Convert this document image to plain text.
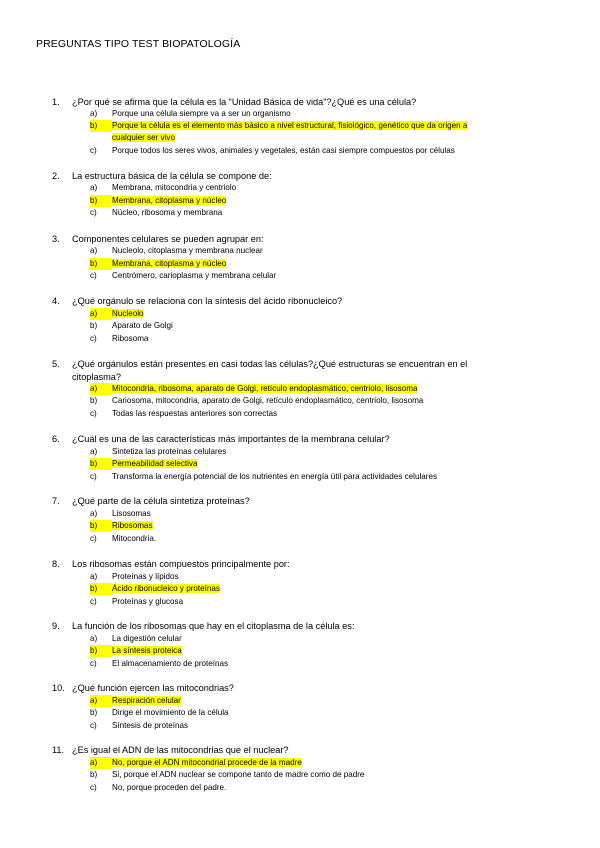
PREGUNTAS TIPO TEST BIOPATOLOGÍA
1.	¿Por qué se afirma que la célula es la “Unidad Básica de vida”?¿Qué es una célula?
a)	Porque una célula siempre va a ser un organismo
b)	Porque la célula es el elemento más básico a nivel estructural, fisiológico, genético que da origen a
cualquier ser vivo
c)	Porque todos los seres vivos, animales y vegetales, están casi siempre compuestos por células
2.	La estructura básica de la célula se compone de:
a)	Membrana, mitocondria y centriolo
b)	Membrana, citoplasma y núcleo
c)	Núcleo, ribosoma y membrana
3.	Componentes celulares se pueden agrupar en:
a)	Nucleolo, citoplasma y membrana nuclear
b)	Membrana, citoplasma y núcleo
c)	Centrómero, carioplasma y membrana celular
4.	¿Qué orgánulo se relaciona con la síntesis del ácido ribonucleico?
a)	Nucleolo
b)	Aparato de Golgi
c)	Ribosoma
5.	¿Qué orgánulos están presentes en casi todas las células?¿Qué estructuras se encuentran en el
citoplasma?
a)	Mitocondria, ribosoma, aparato de Golgi, retículo endoplasmático, centriolo, lisosoma
b)	Cariosoma, mitocondria, aparato de Golgi, retículo endoplasmático, centriolo, lisosoma
c)	Todas las respuestas anteriores son correctas
6.	¿Cuál es una de las características más importantes de la membrana celular?
a)	Sintetiza las proteínas celulares
b)	Permeabilidad selectiva
c)	Transforma la energía potencial de los nutrientes en energía útil para actividades celulares
7.	¿Qué parte de la célula sintetiza proteínas?
a)	Lisosomas
b)	Ribosomas
c)	Mitocondria.
8.	Los ribosomas están compuestos principalmente por:
a)	Proteínas y lípidos
b)	Ácido ribonucleico y proteínas
c)	Proteínas y glucosa
9.	La función de los ribosomas que hay en el citoplasma de la célula es:
a)	La digestión celular
b)	La síntesis proteica
c)	El almacenamiento de proteínas
10. ¿Qué función ejercen las mitocondrias?
a)	Respiración celular
b)	Dirige el movimiento de la célula
c)	Síntesis de proteínas
11. ¿Es igual el ADN de las mitocondrias que el nuclear?
a)	No, porque el ADN mitocondrial procede de la madre
b)	Si, porque el ADN nuclear se compone tanto de madre como de padre
c)	No, porque proceden del padre.
